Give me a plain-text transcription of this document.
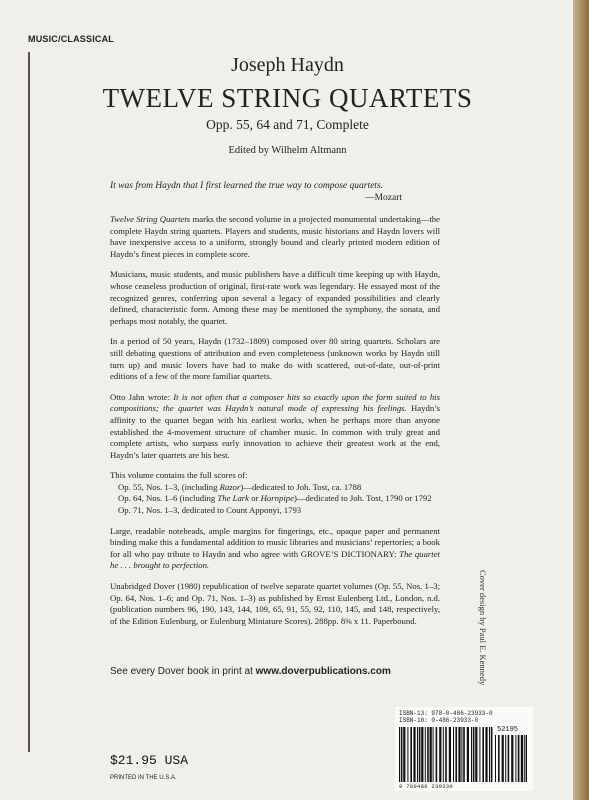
MUSIC/CLASSICAL
Joseph Haydn
TWELVE STRING QUARTETS
Opp. 55, 64 and 71, Complete
Edited by Wilhelm Altmann
It was from Haydn that I first learned the true way to compose quartets.
—Mozart

Twelve String Quartets marks the second volume in a projected monumental undertaking—the complete Haydn string quartets. Players and students, music historians and Haydn lovers will have inexpensive access to a uniform, strongly bound and clearly printed modern edition of Haydn’s finest pieces in complete score.

Musicians, music students, and music publishers have a difficult time keeping up with Haydn, whose ceaseless production of original, first-rate work was legendary. He essayed most of the recognized genres, conferring upon several a legacy of expanded possibilities and clearly defined, characteristic form. Among these may be mentioned the symphony, the sonata, and perhaps most notably, the quartet.

In a period of 50 years, Haydn (1732–1809) composed over 80 string quartets. Scholars are still debating questions of attribution and even completeness (unknown works by Haydn still turn up) and music lovers have had to make do with scattered, out-of-date, out-of-print editions of a few of the more familiar quartets.

Otto Jahn wrote: It is not often that a composer hits so exactly upon the form suited to his compositions; the quartet was Haydn’s natural mode of expressing his feelings. Haydn’s affinity to the quartet began with his earliest works, when he perhaps more than anyone established the 4-movement structure of chamber music. In common with truly great and complete artists, who surpass early innovation to achieve their greatest work at the end, Haydn’s later quartets are his best.

This volume contains the full scores of:
Op. 55, Nos. 1–3, (including Razor)—dedicated to Joh. Tost, ca. 1788
Op. 64, Nos. 1–6 (including The Lark or Hornpipe)—dedicated to Joh. Tost, 1790 or 1792
Op. 71, Nos. 1–3, dedicated to Count Apponyi, 1793

Large, readable noteheads, ample margins for fingerings, etc., opaque paper and permanent binding make this a fundamental addition to music libraries and musicians’ repertories; a book for all who pay tribute to Haydn and who agree with GROVE’S DICTIONARY: The quartet he . . . brought to perfection.

Unabridged Dover (1980) republication of twelve separate quartet volumes (Op. 55, Nos. 1–3; Op. 64, Nos. 1–6; and Op. 71, Nos. 1–3) as published by Ernst Eulenberg Ltd., London, n.d. (publication numbers 96, 190, 143, 144, 109, 65, 91, 55, 92, 110, 145, and 148, respectively, of the Edition Eulenburg, or Eulenburg Miniature Scores). 288pp. 8⅜ x 11. Paperbound.

See every Dover book in print at www.doverpublications.com	Cover design by Paul E. Kennedy
$21.95 USA
PRINTED IN THE U.S.A.
ISBN-13: 978-0-486-23933-0
ISBN-10: 0-486-23933-0
52195
9 780486 239330
